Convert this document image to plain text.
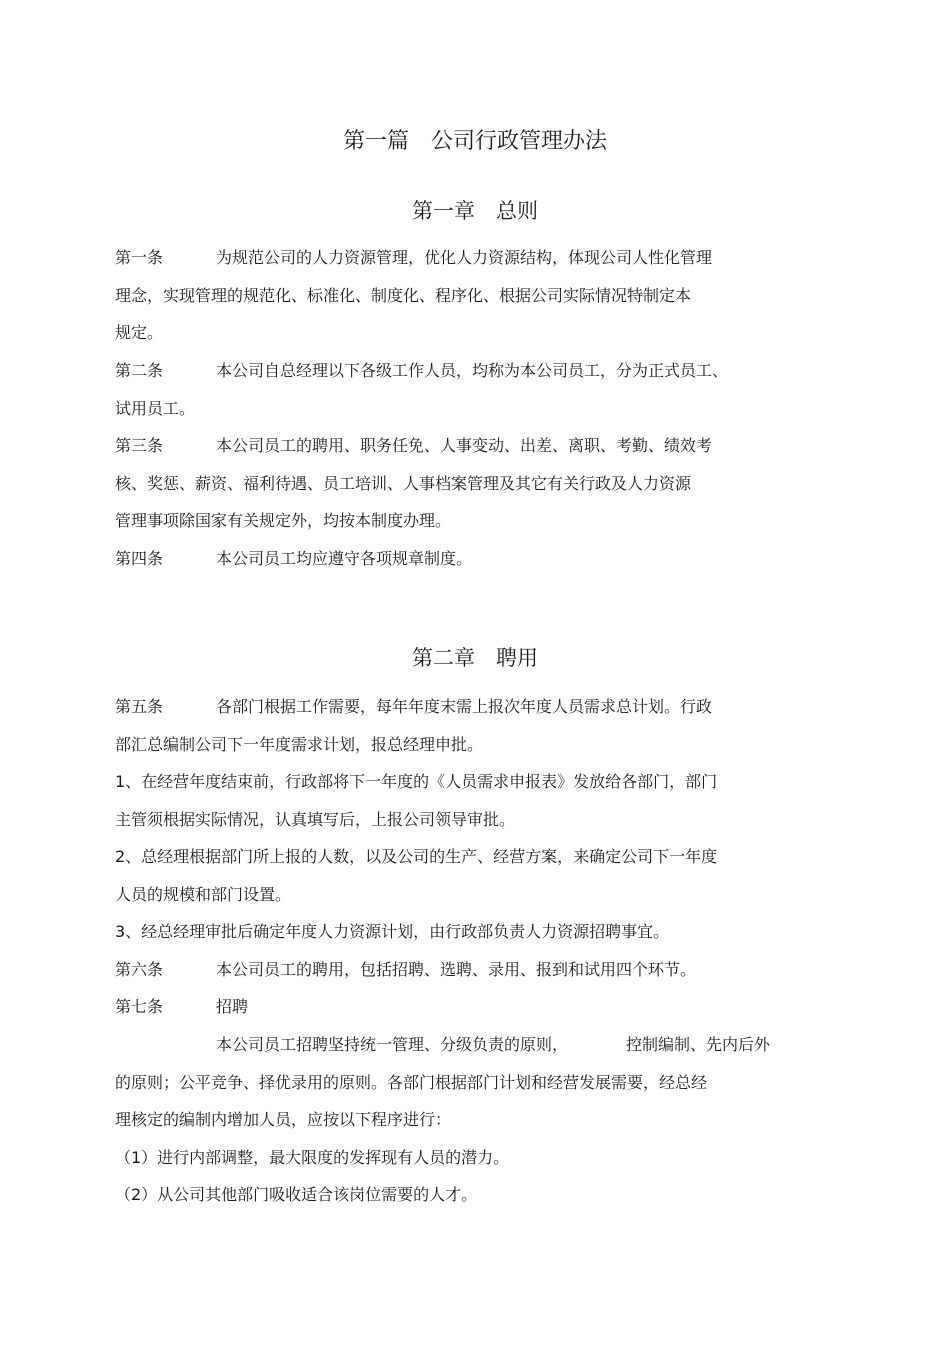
第一篇　公司行政管理办法
第一章　总则
第一条	为规范公司的人力资源管理，优化人力资源结构，体现公司人性化管理
理念，实现管理的规范化、标准化、制度化、程序化、根据公司实际情况特制定本
规定。
第二条	本公司自总经理以下各级工作人员，均称为本公司员工，分为正式员工、
试用员工。
第三条	本公司员工的聘用、职务任免、人事变动、出差、离职、考勤、绩效考
核、奖惩、薪资、福利待遇、员工培训、人事档案管理及其它有关行政及人力资源
管理事项除国家有关规定外，均按本制度办理。
第四条	本公司员工均应遵守各项规章制度。
第二章　聘用
第五条	各部门根据工作需要，每年年度末需上报次年度人员需求总计划。行政
部汇总编制公司下一年度需求计划，报总经理申批。
1、在经营年度结束前，行政部将下一年度的《人员需求申报表》发放给各部门，部门
主管须根据实际情况，认真填写后，上报公司领导审批。
2、总经理根据部门所上报的人数，以及公司的生产、经营方案，来确定公司下一年度
人员的规模和部门设置。
3、经总经理审批后确定年度人力资源计划，由行政部负责人力资源招聘事宜。
第六条	本公司员工的聘用，包括招聘、选聘、录用、报到和试用四个环节。
第七条	招聘
本公司员工招聘坚持统一管理、分级负责的原则，	控制编制、先内后外
的原则；公平竞争、择优录用的原则。各部门根据部门计划和经营发展需要，经总经
理核定的编制内增加人员，应按以下程序进行：
（1）进行内部调整，最大限度的发挥现有人员的潜力。
（2）从公司其他部门吸收适合该岗位需要的人才。
